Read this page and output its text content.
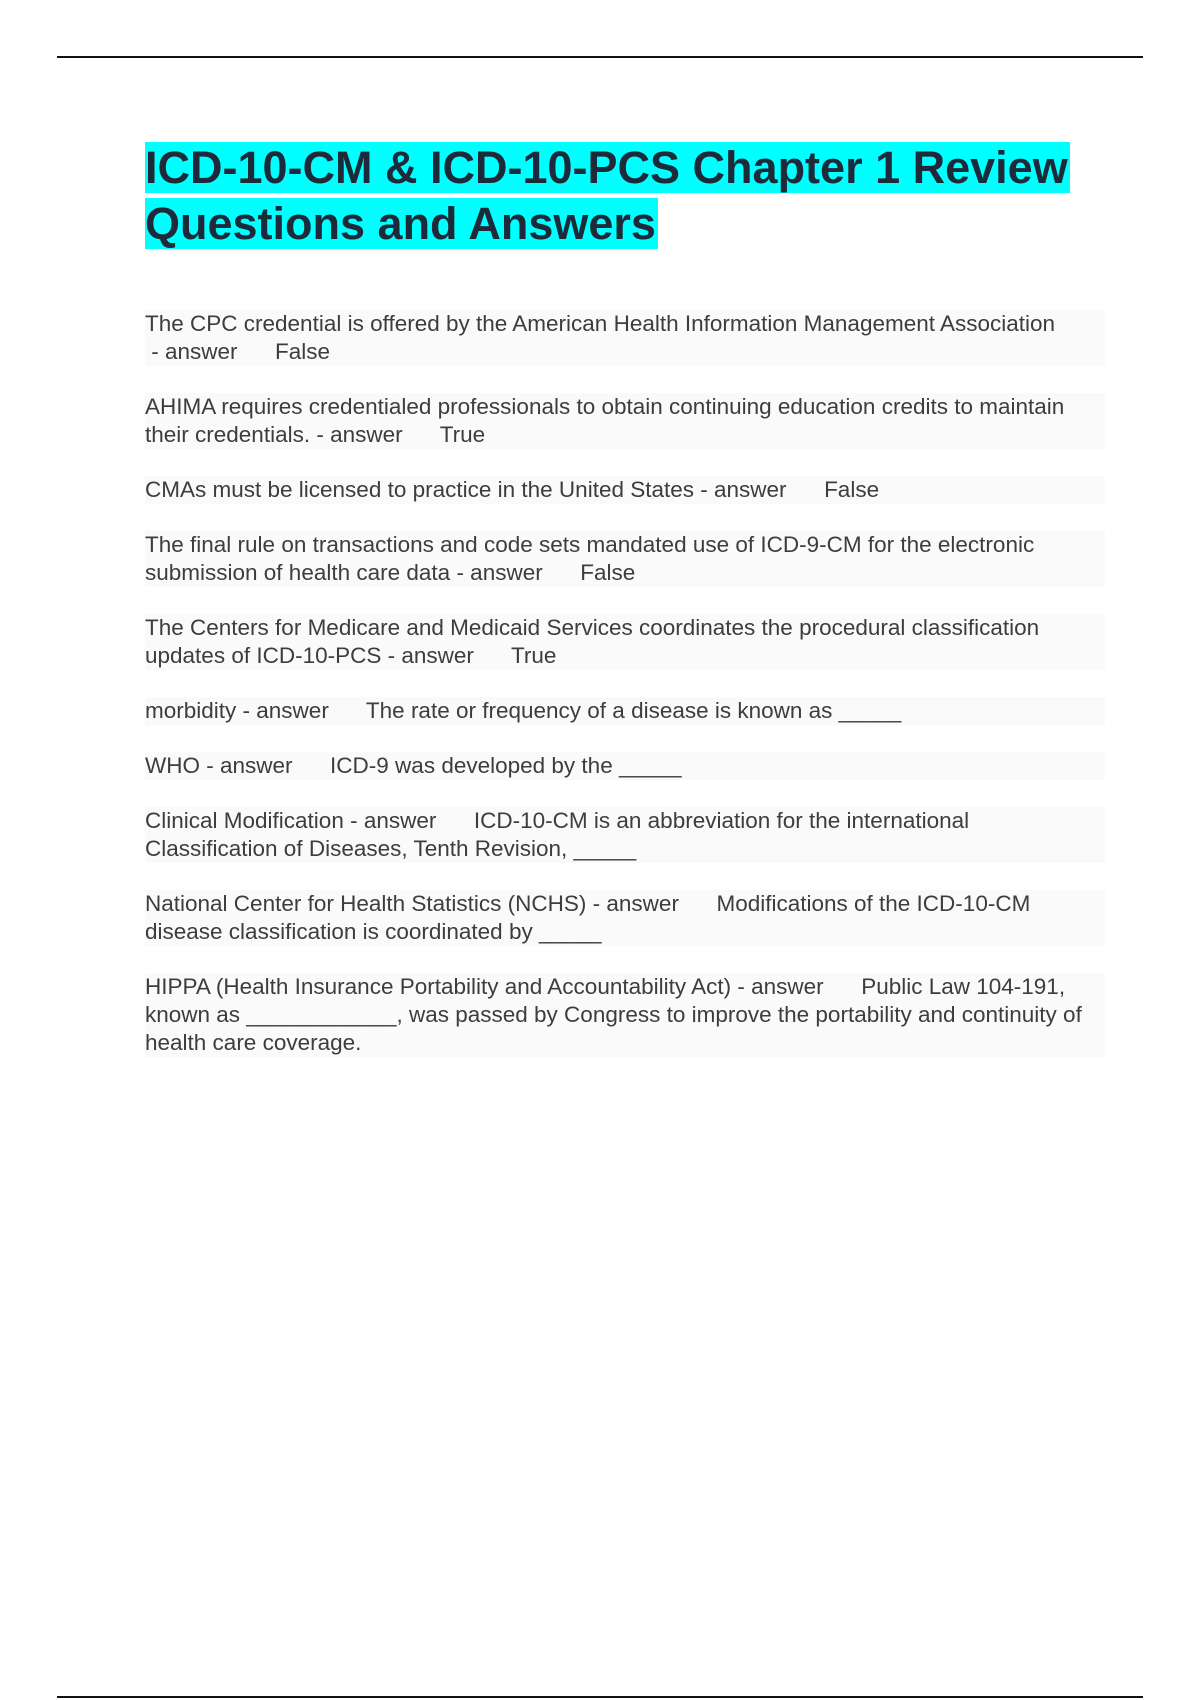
ICD-10-CM & ICD-10-PCS Chapter 1 Review Questions and Answers
The CPC credential is offered by the American Health Information Management Association - answer      False
AHIMA requires credentialed professionals to obtain continuing education credits to maintain their credentials. - answer      True
CMAs must be licensed to practice in the United States - answer      False
The final rule on transactions and code sets mandated use of ICD-9-CM for the electronic submission of health care data - answer      False
The Centers for Medicare and Medicaid Services coordinates the procedural classification updates of ICD-10-PCS - answer      True
morbidity - answer      The rate or frequency of a disease is known as _____
WHO - answer      ICD-9 was developed by the _____
Clinical Modification - answer      ICD-10-CM is an abbreviation for the international Classification of Diseases, Tenth Revision, _____
National Center for Health Statistics (NCHS) - answer      Modifications of the ICD-10-CM disease classification is coordinated by _____
HIPPA (Health Insurance Portability and Accountability Act) - answer      Public Law 104-191, known as ____________, was passed by Congress to improve the portability and continuity of health care coverage.
